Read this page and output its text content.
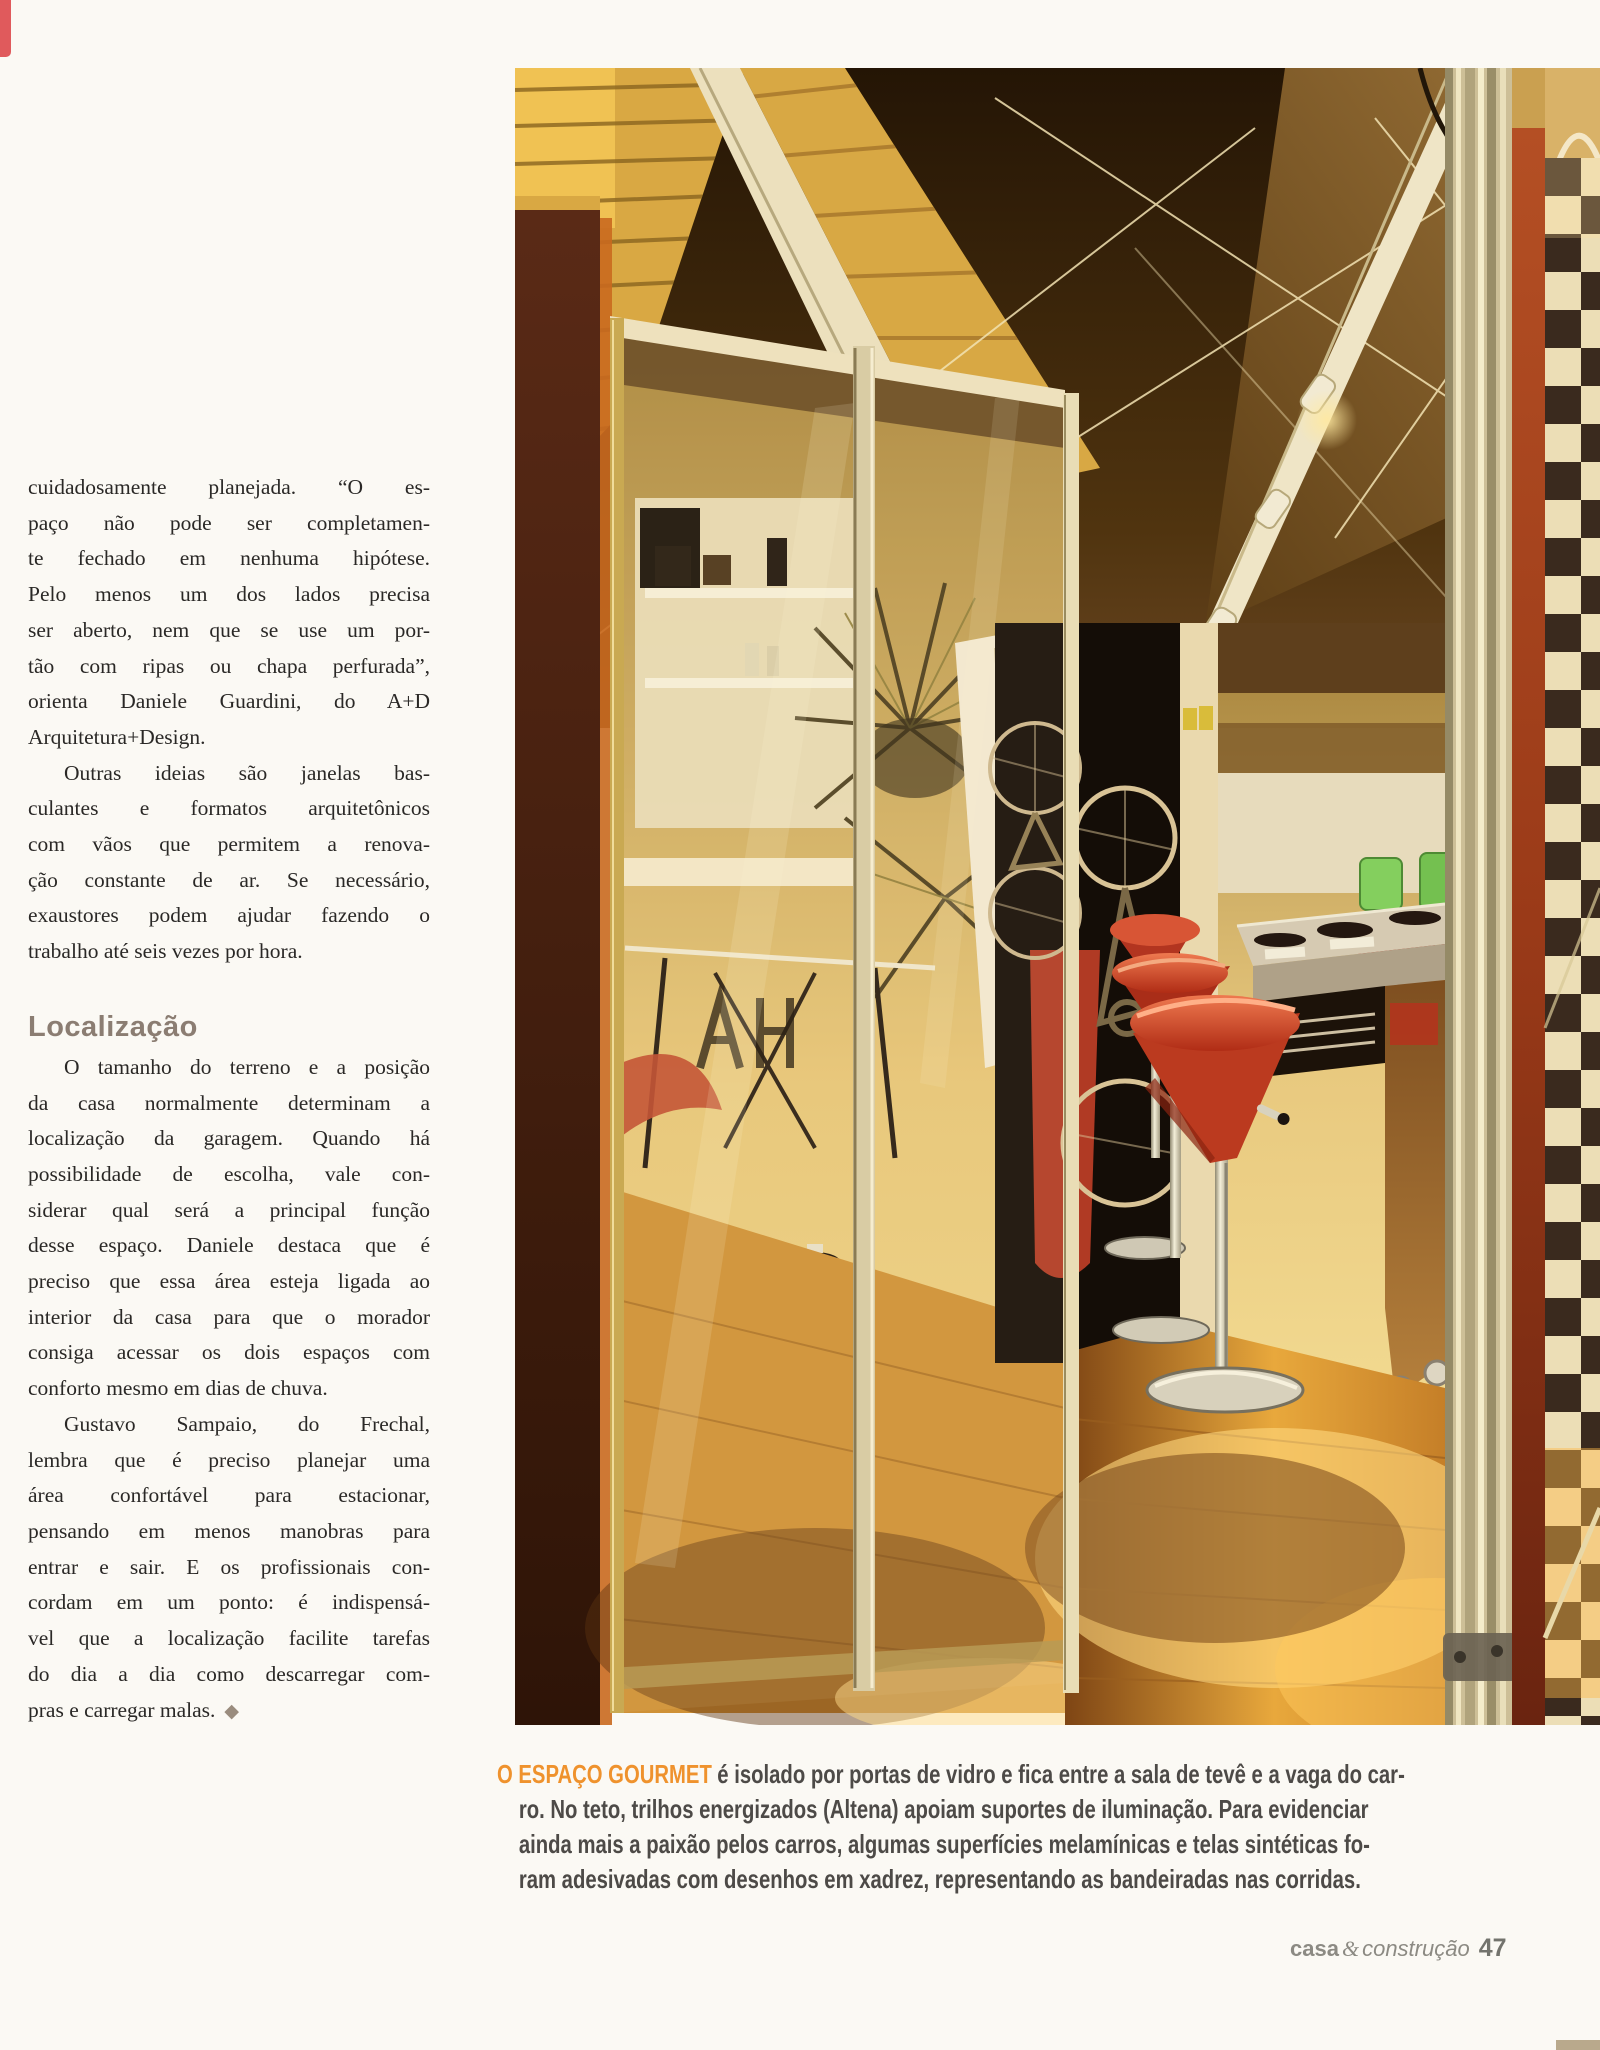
cuidadosamente planejada. “O es-
paço não pode ser completamen-
te fechado em nenhuma hipótese.
Pelo menos um dos lados precisa
ser aberto, nem que se use um por-
tão com ripas ou chapa perfurada”,
orienta Daniele Guardini, do A+D
Arquitetura+Design.
Outras ideias são janelas bas-
culantes e formatos arquitetônicos
com vãos que permitem a renova-
ção constante de ar. Se necessário,
exaustores podem ajudar fazendo o
trabalho até seis vezes por hora.
Localização
O tamanho do terreno e a posição
da casa normalmente determinam a
localização da garagem. Quando há
possibilidade de escolha, vale con-
siderar qual será a principal função
desse espaço. Daniele destaca que é
preciso que essa área esteja ligada ao
interior da casa para que o morador
consiga acessar os dois espaços com
conforto mesmo em dias de chuva.
Gustavo Sampaio, do Frechal,
lembra que é preciso planejar uma
área confortável para estacionar,
pensando em menos manobras para
entrar e sair. E os profissionais con-
cordam em um ponto: é indispensá-
vel que a localização facilite tarefas
do dia a dia como descarregar com-
pras e carregar malas. ◆
O ESPAÇO GOURMET é isolado por portas de vidro e fica entre a sala de tevê e a vaga do car-
ro. No teto, trilhos energizados (Altena) apoiam suportes de iluminação. Para evidenciar
ainda mais a paixão pelos carros, algumas superfícies melamínicas e telas sintéticas fo-
ram adesivadas com desenhos em xadrez, representando as bandeiradas nas corridas.
casa & construção 47
